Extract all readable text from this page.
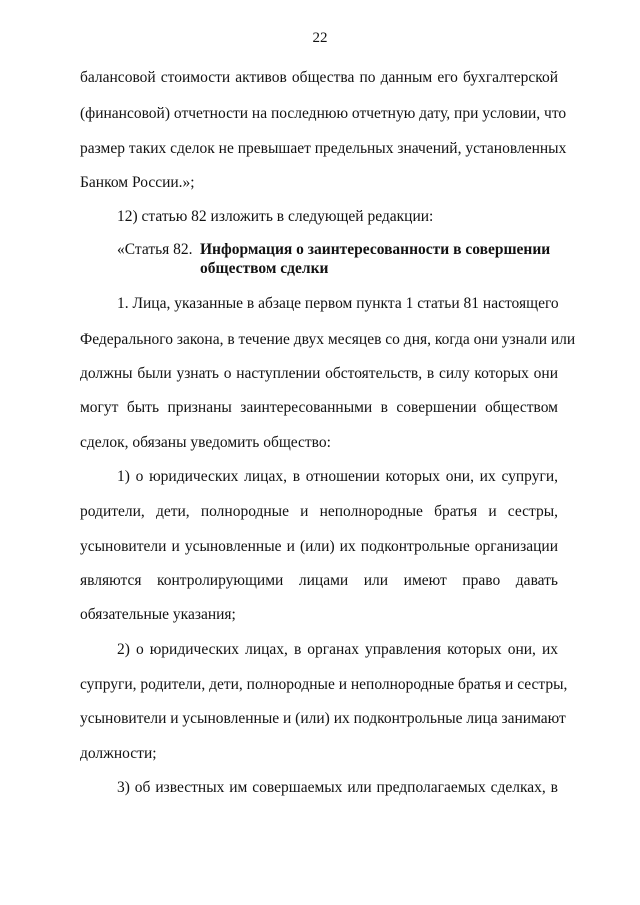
22
балансовой стоимости активов общества по данным его бухгалтерской
(финансовой) отчетности на последнюю отчетную дату, при условии, что
размер таких сделок не превышает предельных значений, установленных
Банком России.»;
12) статью 82 изложить в следующей редакции:
«Статья 82. Информация о заинтересованности в совершении
обществом сделки
1. Лица, указанные в абзаце первом пункта 1 статьи 81 настоящего
Федерального закона, в течение двух месяцев со дня, когда они узнали или
должны были узнать о наступлении обстоятельств, в силу которых они
могут быть признаны заинтересованными в совершении обществом
сделок, обязаны уведомить общество:
1) о юридических лицах, в отношении которых они, их супруги,
родители, дети, полнородные и неполнородные братья и сестры,
усыновители и усыновленные и (или) их подконтрольные организации
являются контролирующими лицами или имеют право давать
обязательные указания;
2) о юридических лицах, в органах управления которых они, их
супруги, родители, дети, полнородные и неполнородные братья и сестры,
усыновители и усыновленные и (или) их подконтрольные лица занимают
должности;
3) об известных им совершаемых или предполагаемых сделках, в
